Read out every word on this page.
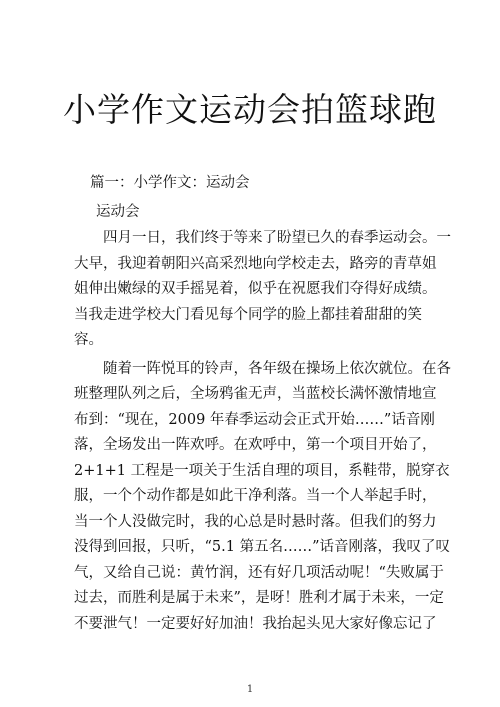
小学作文运动会拍篮球跑
篇一：小学作文：运动会
运动会

四月一日，我们终于等来了盼望已久的春季运动会。一

大早，我迎着朝阳兴高采烈地向学校走去，路旁的青草姐

姐伸出嫩绿的双手摇晃着，似乎在祝愿我们夺得好成绩。

当我走进学校大门看见每个同学的脸上都挂着甜甜的笑

容。

随着一阵悦耳的铃声，各年级在操场上依次就位。在各

班整理队列之后，全场鸦雀无声，当蓝校长满怀激情地宣

布到：“现在，2009 年春季运动会正式开始……”话音刚

落，全场发出一阵欢呼。在欢呼中，第一个项目开始了，

2+1+1 工程是一项关于生活自理的项目，系鞋带，脱穿衣

服，一个个动作都是如此干净利落。当一个人举起手时，

当一个人没做完时，我的心总是时悬时落。但我们的努力

没得到回报，只听，“5.1 第五名……”话音刚落，我叹了叹

气，又给自己说：黄竹润，还有好几项活动呢！“失败属于

过去，而胜利是属于未来”，是呀！胜利才属于未来，一定

不要泄气！一定要好好加油！我抬起头见大家好像忘记了

1
